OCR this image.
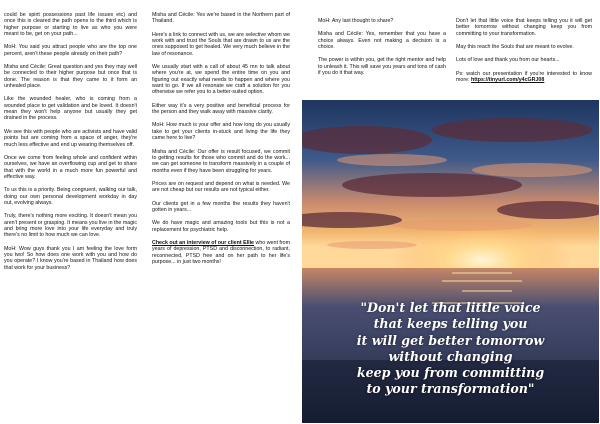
could be spirit possessions past life issues etc) and once this is cleared the path opens to the third which is higher purpose or starting to live as who you were meant to be, get on your path...

MoH: You said you attract people who are the top one percent, aren't these people already on their path?

Misha and Cécile: Great question and yes they may well be connected to their higher purpose but once that is done. The reason is that they came to it form an unhealed place.

Like the wounded healer, who is coming from a wounded place to get validation and be loved. It doesn't mean they won't help anyone but usually they get drained in the process.

We see this with people who are activists and have valid points but are coming from a space of anger, they're much less effective and end up wearing themselves off.

Once we come from feeling whole and confident within ourselves, we have an overflowing cup and get to share that with the world in a much more fun powerful and effective way.

To us this is a priority. Being congruent, walking our talk, doing our own personal development workday in day out, evolving always.

Truly, there's nothing more exciting. It doesn't mean you aren't present or grasping. It means you live in the magic and bring more love into your life everyday and truly there's no limit to how much we can love.

MoH: Wow guys thank you I am feeling the love form you two! So how does one work with you and how do you operate? I know you're based in Thailand how does that work for your business?

Misha and Cécile: Yes we're based in the Northern part of Thailand.

Here's a link to connect with us, we are selective whom we work with and trust the Souls that are drawn to us are the ones supposed to get healed. We very much believe in the law of resonance.

We usually start with a call of about 45 mn to talk about where you're at, we spend the entire time on you and figuring out exactly what needs to happen and where you want to go. If we all resonate we craft a solution for you otherwise we refer you to a better-suited option.

Either way it's a very positive and beneficial process for the person and they walk away with massive clarity.

MoH: How much is your offer and how long do you usually take to get your clients in-stuck and living the life they came here to live?

Misha and Cécile: Our offer is result focused, we commit to getting results for those who commit and do the work... we can get someone to transform massively in a couple of months even if they have been struggling for years.

Prices are on request and depend on what is needed. We are not cheap but our results are not typical either.

Our clients get in a few months the results they haven't gotten in years...

We do have magic and amazing tools but this is not a replacement for psychiatric help.

Check out an interview of our client Ellie who went from years of depression, PTSD and disconnection, to radiant, reconnected, PTSD free and on her path to her life's purpose... in just two months!

MoH: Any last thought to share?

Misha and Cécile: Yes, remember that you have a choice always. Even not making a decision is a choice.

The power is within you, get the right mentor and help to unleash it. This will save you years and tons of cash if you do it that way.

Don't let that little voice that keeps telling you it will get better tomorrow without changing keep you from committing to your transformation.

May this reach the Souls that are meant to evolve.

Lots of love and thank you from our hearts...

Ps: watch our presentation if you're interested to know more: https://tinyurl.com/y4cGRJ08

"Don't let that little voice
that keeps telling you
it will get better tomorrow
without changing
keep you from committing
to your transformation"
